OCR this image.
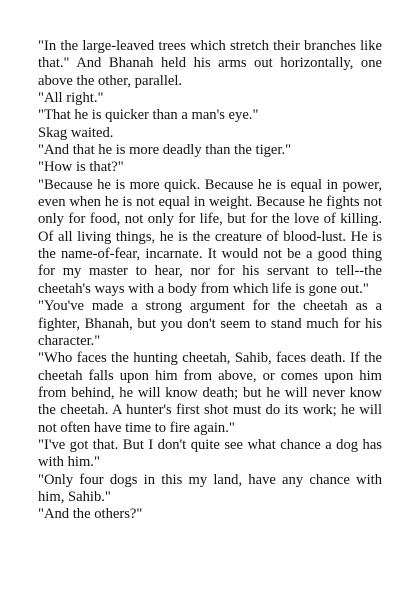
"In the large-leaved trees which stretch their branches like that." And Bhanah held his arms out horizontally, one above the other, parallel.

"All right."

"That he is quicker than a man's eye."

Skag waited.

"And that he is more deadly than the tiger."

"How is that?"

"Because he is more quick. Because he is equal in power, even when he is not equal in weight. Because he fights not only for food, not only for life, but for the love of killing. Of all living things, he is the creature of blood-lust. He is the name-of-fear, incarnate. It would not be a good thing for my master to hear, nor for his servant to tell--the cheetah's ways with a body from which life is gone out."

"You've made a strong argument for the cheetah as a fighter, Bhanah, but you don't seem to stand much for his character."

"Who faces the hunting cheetah, Sahib, faces death. If the cheetah falls upon him from above, or comes upon him from behind, he will know death; but he will never know the cheetah. A hunter's first shot must do its work; he will not often have time to fire again."

"I've got that. But I don't quite see what chance a dog has with him."

"Only four dogs in this my land, have any chance with him, Sahib."

"And the others?"
